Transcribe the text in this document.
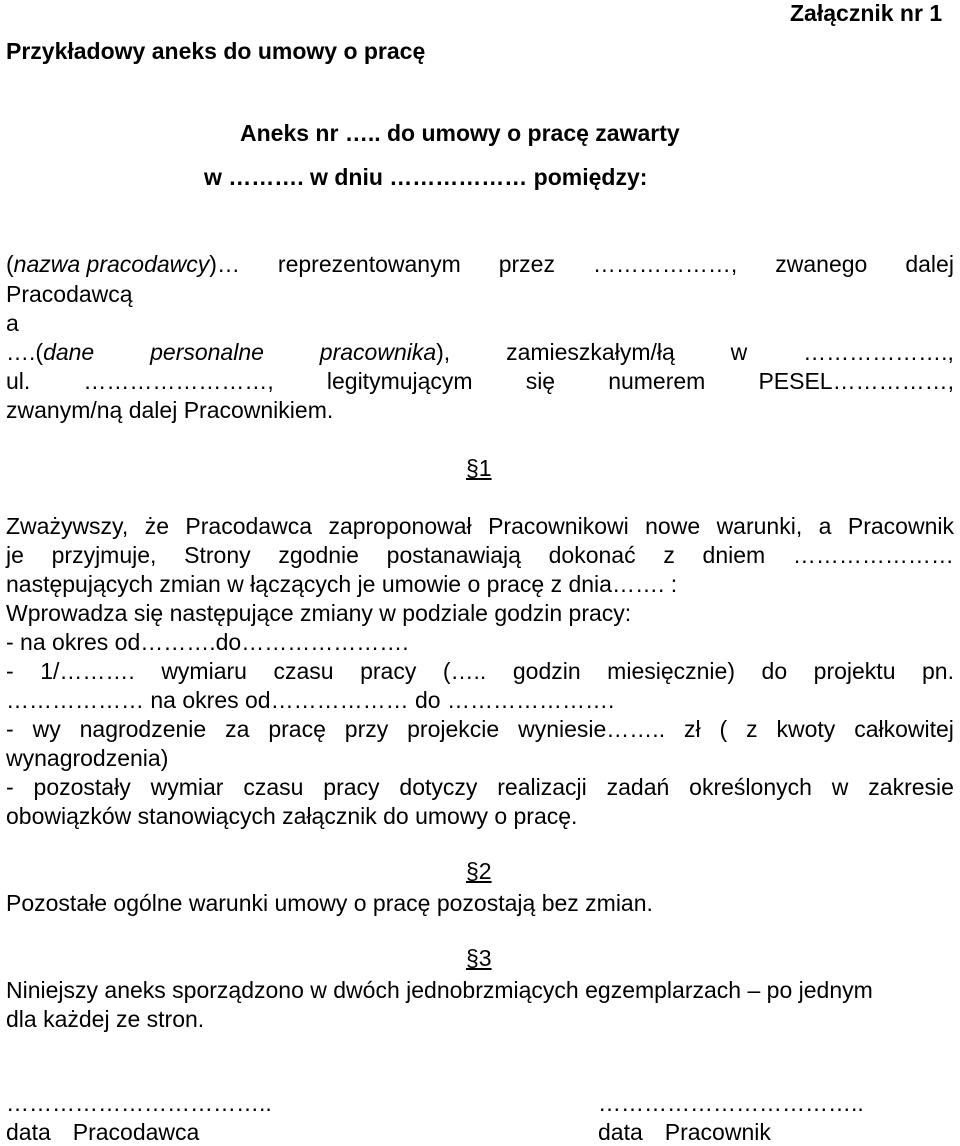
Załącznik nr 1
Przykładowy aneks do umowy o pracę
Aneks nr ….. do umowy o pracę zawarty
w ………. w dniu ……………… pomiędzy:
(nazwa pracodawcy)… reprezentowanym przez ………………, zwanego dalej
Pracodawcą
a
….(dane personalne pracownika), zamieszkałym/łą w ……………….,
ul. ……………………, legitymującym się numerem PESEL……………,
zwanym/ną dalej Pracownikiem.
§1
Zważywszy, że Pracodawca zaproponował Pracownikowi nowe warunki, a Pracownik
je przyjmuje, Strony zgodnie postanawiają dokonać z dniem …………………
następujących zmian w łączących je umowie o pracę z dnia……. :
Wprowadza się następujące zmiany w podziale godzin pracy:
- na okres od……….do………………….
- 1/………. wymiaru czasu pracy (….. godzin miesięcznie) do projektu pn.
……………… na okres od……………… do ………………….
- wy nagrodzenie za pracę przy projekcie wyniesie…….. zł ( z kwoty całkowitej
wynagrodzenia)
- pozostały wymiar czasu pracy dotyczy realizacji zadań określonych w zakresie
obowiązków stanowiących załącznik do umowy o pracę.
§2
Pozostałe ogólne warunki umowy o pracę pozostają bez zmian.
§3
Niniejszy aneks sporządzono w dwóch jednobrzmiących egzemplarzach – po jednym
dla każdej ze stron.
……………………………..
data Pracodawca
……………………………..
data Pracownik
